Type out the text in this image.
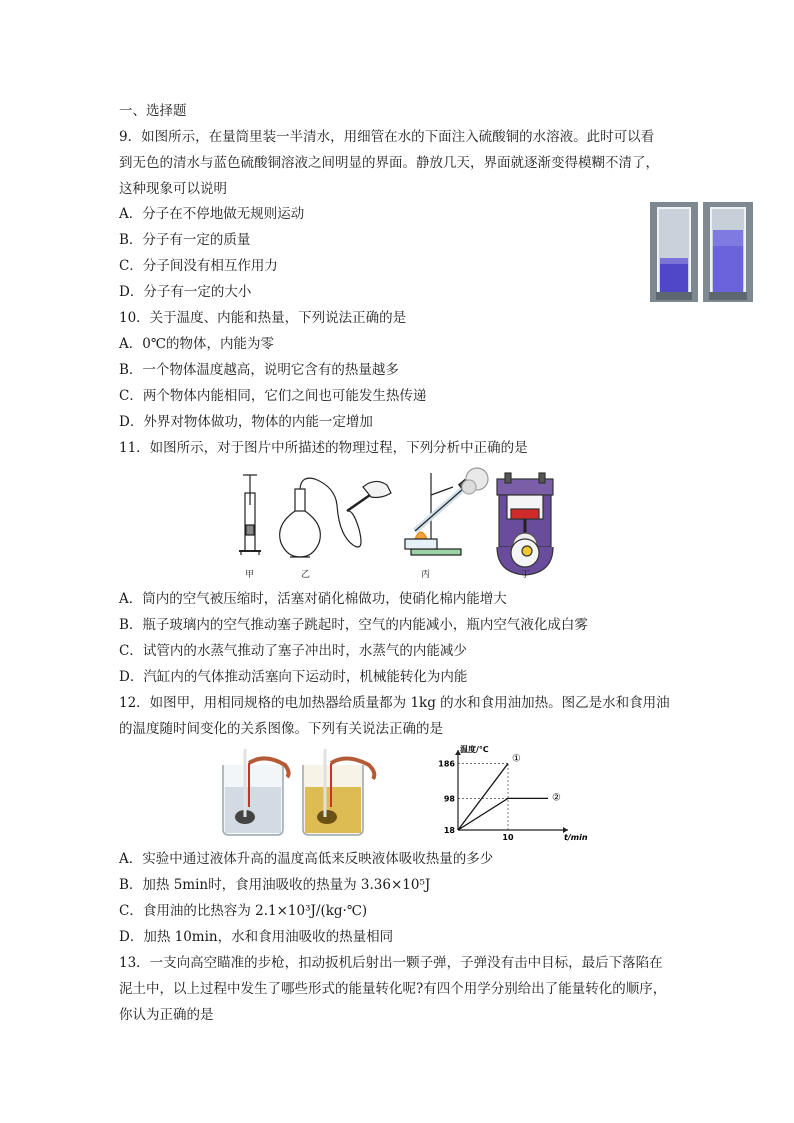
一、选择题
9．如图所示，在量筒里装一半清水，用细管在水的下面注入硫酸铜的水溶液。此时可以看
到无色的清水与蓝色硫酸铜溶液之间明显的界面。静放几天，界面就逐渐变得模糊不清了，
这种现象可以说明
A．分子在不停地做无规则运动
B．分子有一定的质量
C．分子间没有相互作用力
D．分子有一定的大小
10．关于温度、内能和热量，下列说法正确的是
A．0℃的物体，内能为零
B．一个物体温度越高，说明它含有的热量越多
C．两个物体内能相同，它们之间也可能发生热传递
D．外界对物体做功，物体的内能一定增加
11．如图所示，对于图片中所描述的物理过程，下列分析中正确的是
甲	乙	丙	丁
A．筒内的空气被压缩时，活塞对硝化棉做功，使硝化棉内能增大
B．瓶子玻璃内的空气推动塞子跳起时，空气的内能减小，瓶内空气液化成白雾
C．试管内的水蒸气推动了塞子冲出时，水蒸气的内能减少
D．汽缸内的气体推动活塞向下运动时，机械能转化为内能
12．如图甲，用相同规格的电加热器给质量都为 1kg 的水和食用油加热。图乙是水和食用油
的温度随时间变化的关系图像。下列有关说法正确的是
18
98
186
10
温度/℃
t/min
①
②
A．实验中通过液体升高的温度高低来反映液体吸收热量的多少
B．加热 5min时，食用油吸收的热量为 3.36×10⁵J
C．食用油的比热容为 2.1×10³J/(kg·℃)
D．加热 10min，水和食用油吸收的热量相同
13．一支向高空瞄准的步枪，扣动扳机后射出一颗子弹，子弹没有击中目标，最后下落陷在
泥土中，以上过程中发生了哪些形式的能量转化呢?有四个用学分别给出了能量转化的顺序，
你认为正确的是
